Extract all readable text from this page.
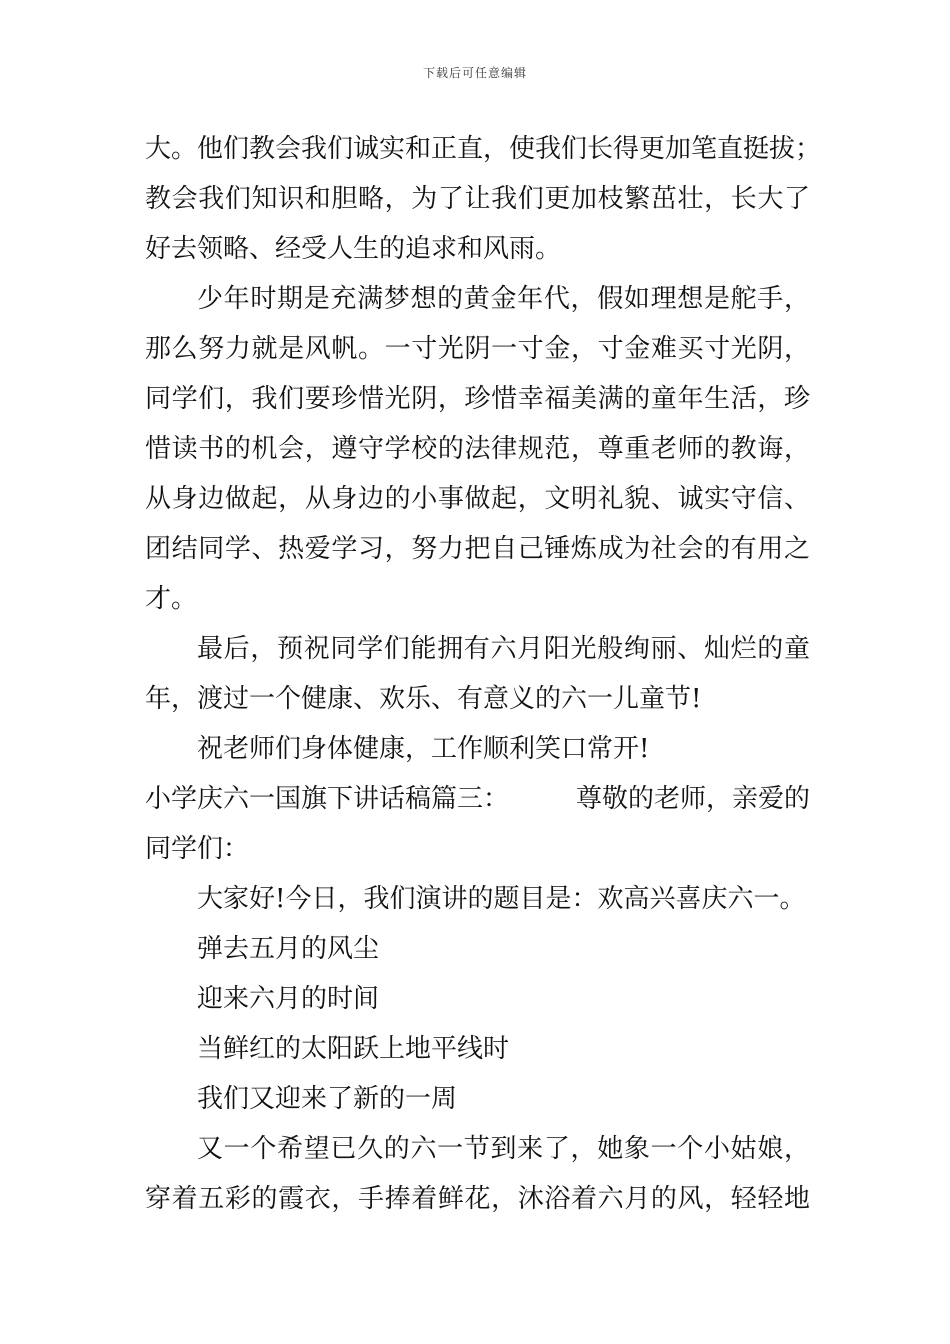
下载后可任意编辑
大。他们教会我们诚实和正直，使我们长得更加笔直挺拔；
教会我们知识和胆略，为了让我们更加枝繁茁壮，长大了
好去领略、经受人生的追求和风雨。
少年时期是充满梦想的黄金年代，假如理想是舵手，
那么努力就是风帆。一寸光阴一寸金，寸金难买寸光阴，
同学们，我们要珍惜光阴，珍惜幸福美满的童年生活，珍
惜读书的机会，遵守学校的法律规范，尊重老师的教诲，
从身边做起，从身边的小事做起，文明礼貌、诚实守信、
团结同学、热爱学习，努力把自己锤炼成为社会的有用之
才。
最后，预祝同学们能拥有六月阳光般绚丽、灿烂的童
年，渡过一个健康、欢乐、有意义的六一儿童节!
祝老师们身体健康，工作顺利笑口常开!
小学庆六一国旗下讲话稿篇三：	尊敬的老师，亲爱的
同学们：
大家好!今日，我们演讲的题目是：欢高兴喜庆六一。
弹去五月的风尘
迎来六月的时间
当鲜红的太阳跃上地平线时
我们又迎来了新的一周
又一个希望已久的六一节到来了，她象一个小姑娘，
穿着五彩的霞衣，手捧着鲜花，沐浴着六月的风，轻轻地
